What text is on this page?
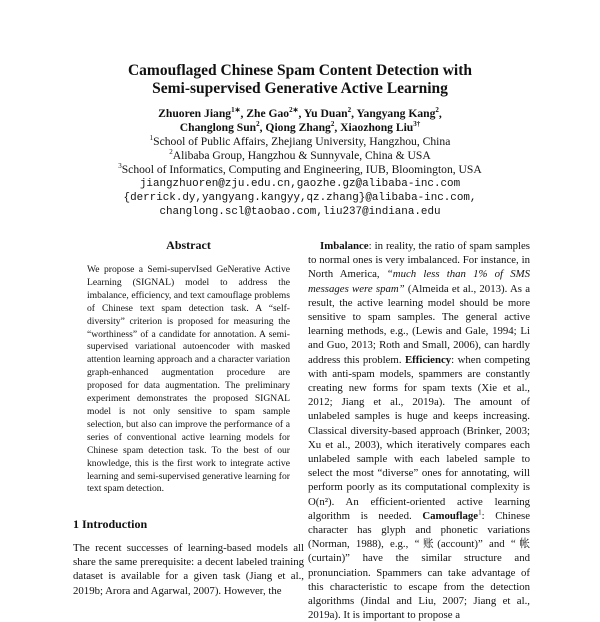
Camouflaged Chinese Spam Content Detection with
Semi-supervised Generative Active Learning
Zhuoren Jiang$^{1∗}$, Zhe Gao$^{2∗}$, Yu Duan$^2$, Yangyang Kang$^2$,
Changlong Sun$^2$, Qiong Zhang$^2$, Xiaozhong Liu$^{3\dagger}$
$^1$School of Public Affairs, Zhejiang University, Hangzhou, China
$^2$Alibaba Group, Hangzhou & Sunnyvale, China & USA
$^3$School of Informatics, Computing and Engineering, IUB, Bloomington, USA
jiangzhuoren@zju.edu.cn,gaozhe.gz@alibaba-inc.com
{derrick.dy,yangyang.kangyy,qz.zhang}@alibaba-inc.com,
changlong.scl@taobao.com,liu237@indiana.edu
Abstract
We propose a Semi-supervIsed GeNerative Active Learning (SIGNAL) model to address the imbalance, efficiency, and text camouflage problems of Chinese text spam detection task. A “self-diversity” criterion is proposed for measuring the “worthiness” of a candidate for annotation. A semi-supervised variational autoencoder with masked attention learning approach and a character variation graph-enhanced augmentation procedure are proposed for data augmentation. The preliminary experiment demonstrates the proposed SIGNAL model is not only sensitive to spam sample selection, but also can improve the performance of a series of conventional active learning models for Chinese spam detection task. To the best of our knowledge, this is the first work to integrate active learning and semi-supervised generative learning for text spam detection.
1 Introduction
The recent successes of learning-based models all share the same prerequisite: a decent labeled training dataset is available for a given task (Jiang et al., 2019b; Arora and Agarwal, 2007). However, the
Imbalance: in reality, the ratio of spam samples to normal ones is very imbalanced. For instance, in North America, “much less than 1% of SMS messages were spam” (Almeida et al., 2013). As a result, the active learning model should be more sensitive to spam samples. The general active learning methods, e.g., (Lewis and Gale, 1994; Li and Guo, 2013; Roth and Small, 2006), can hardly address this problem. Efficiency: when competing with anti-spam models, spammers are constantly creating new forms for spam texts (Xie et al., 2012; Jiang et al., 2019a). The amount of unlabeled samples is huge and keeps increasing. Classical diversity-based approach (Brinker, 2003; Xu et al., 2003), which iteratively compares each unlabeled sample with each labeled sample to select the most “diverse” ones for annotating, will perform poorly as its computational complexity is O(n²). An efficient-oriented active learning algorithm is needed. Camouflage$^1$: Chinese character has glyph and phonetic variations (Norman, 1988), e.g., “账(account)” and “帐(curtain)” have the similar structure and pronunciation. Spammers can take advantage of this characteristic to escape from the detection algorithms (Jindal and Liu, 2007; Jiang et al., 2019a). It is important to propose a
